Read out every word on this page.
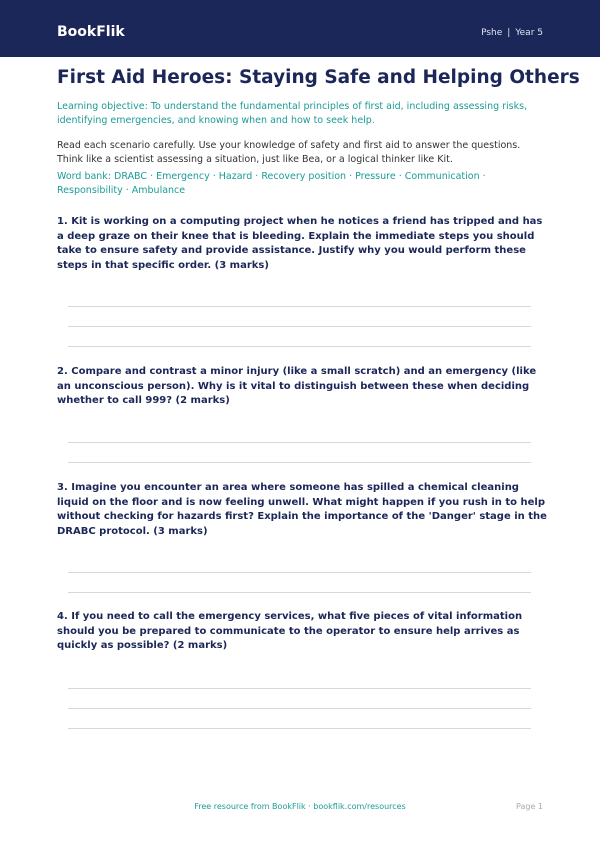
BookFlik	Pshe | Year 5
First Aid Heroes: Staying Safe and Helping Others
Learning objective: To understand the fundamental principles of first aid, including assessing risks, identifying emergencies, and knowing when and how to seek help.
Read each scenario carefully. Use your knowledge of safety and first aid to answer the questions. Think like a scientist assessing a situation, just like Bea, or a logical thinker like Kit.
Word bank: DRABC · Emergency · Hazard · Recovery position · Pressure · Communication · Responsibility · Ambulance
1. Kit is working on a computing project when he notices a friend has tripped and has a deep graze on their knee that is bleeding. Explain the immediate steps you should take to ensure safety and provide assistance. Justify why you would perform these steps in that specific order. (3 marks)
2. Compare and contrast a minor injury (like a small scratch) and an emergency (like an unconscious person). Why is it vital to distinguish between these when deciding whether to call 999? (2 marks)
3. Imagine you encounter an area where someone has spilled a chemical cleaning liquid on the floor and is now feeling unwell. What might happen if you rush in to help without checking for hazards first? Explain the importance of the 'Danger' stage in the DRABC protocol. (3 marks)
4. If you need to call the emergency services, what five pieces of vital information should you be prepared to communicate to the operator to ensure help arrives as quickly as possible? (2 marks)
Free resource from BookFlik · bookflik.com/resources	Page 1
